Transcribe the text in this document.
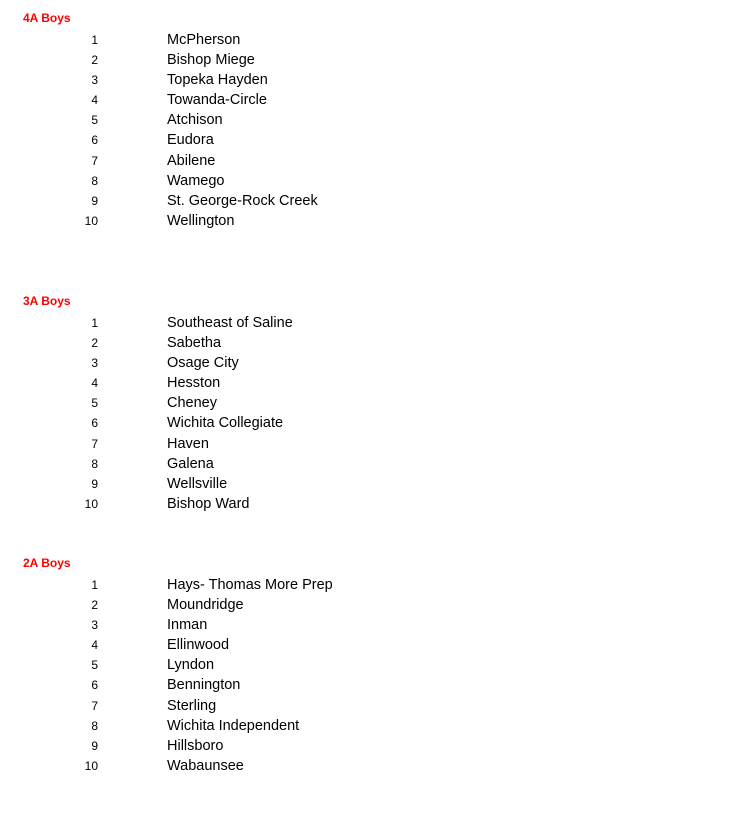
4A Boys
1	McPherson
2	Bishop Miege
3	Topeka Hayden
4	Towanda-Circle
5	Atchison
6	Eudora
7	Abilene
8	Wamego
9	St. George-Rock Creek
10	Wellington
3A Boys
1	Southeast of Saline
2	Sabetha
3	Osage City
4	Hesston
5	Cheney
6	Wichita Collegiate
7	Haven
8	Galena
9	Wellsville
10	Bishop Ward
2A Boys
1	Hays- Thomas More Prep
2	Moundridge
3	Inman
4	Ellinwood
5	Lyndon
6	Bennington
7	Sterling
8	Wichita Independent
9	Hillsboro
10	Wabaunsee
